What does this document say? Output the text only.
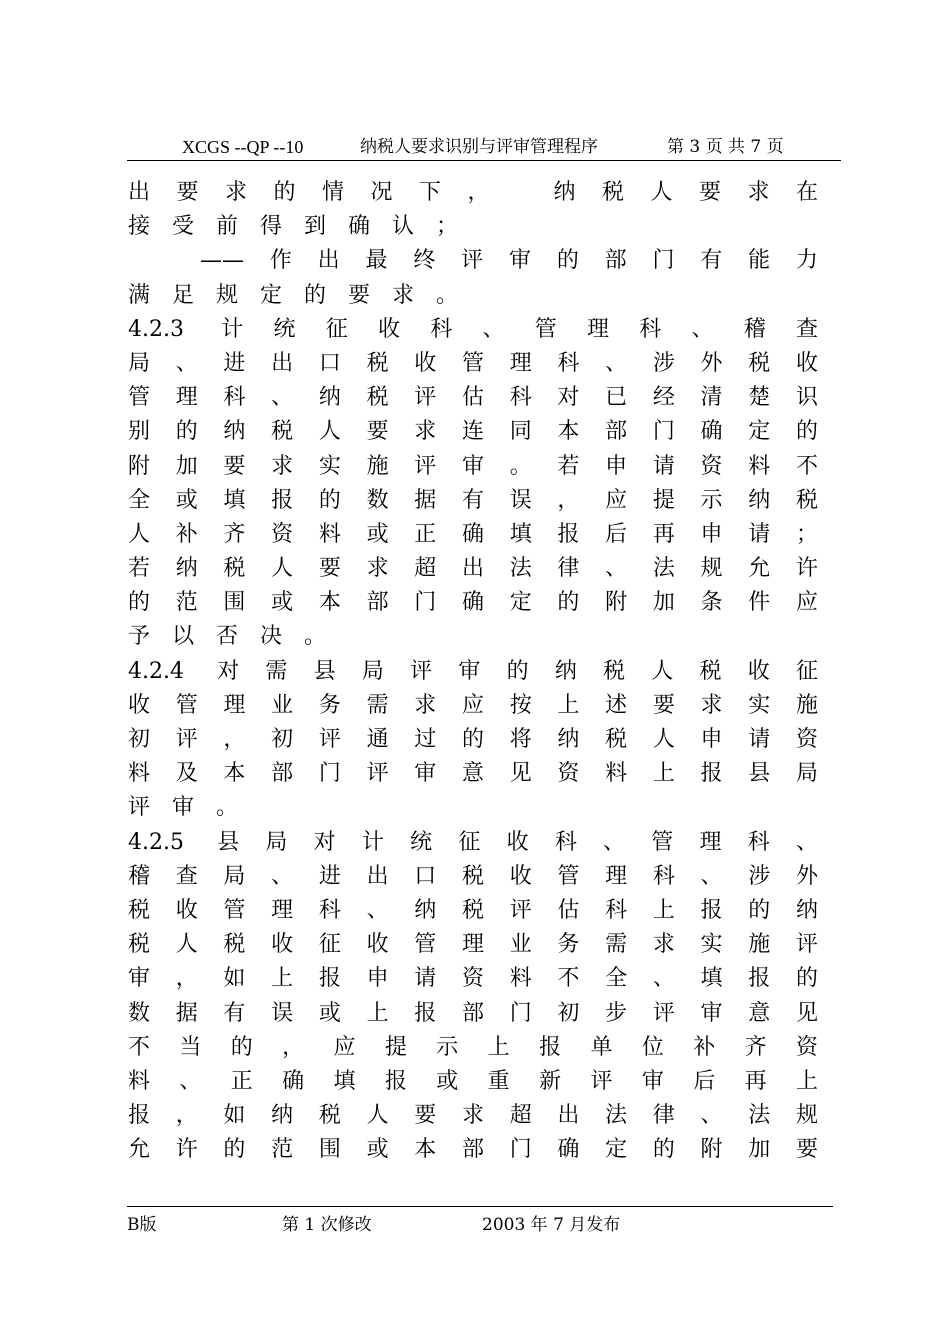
XCGS --QP --10	纳税人要求识别与评审管理程序	第 3 页 共 7 页
出要求的情况下，　纳税人要求在
接受前得到确认；
——作出最终评审的部门有能力
满足规定的要求。
4.2.3 计统征收科、管理科、稽查
局、进出口税收管理科、涉外税收
管理科、纳税评估科对已经清楚识
别的纳税人要求连同本部门确定的
附加要求实施评审。若申请资料不
全或填报的数据有误，应提示纳税
人补齐资料或正确填报后再申请；
若纳税人要求超出法律、法规允许
的范围或本部门确定的附加条件应
予以否决。
4.2.4 对需县局评审的纳税人税收征
收管理业务需求应按上述要求实施
初评，初评通过的将纳税人申请资
料及本部门评审意见资料上报县局
评审。
4.2.5 县局对计统征收科、管理科、
稽查局、进出口税收管理科、涉外
税收管理科、纳税评估科上报的纳
税人税收征收管理业务需求实施评
审，如上报申请资料不全、填报的
数据有误或上报部门初步评审意见
不当的，应提示上报单位补齐资
料、正确填报或重新评审后再上
报，如纳税人要求超出法律、法规
允许的范围或本部门确定的附加要
B版	第 1 次修改	2003 年 7 月发布
